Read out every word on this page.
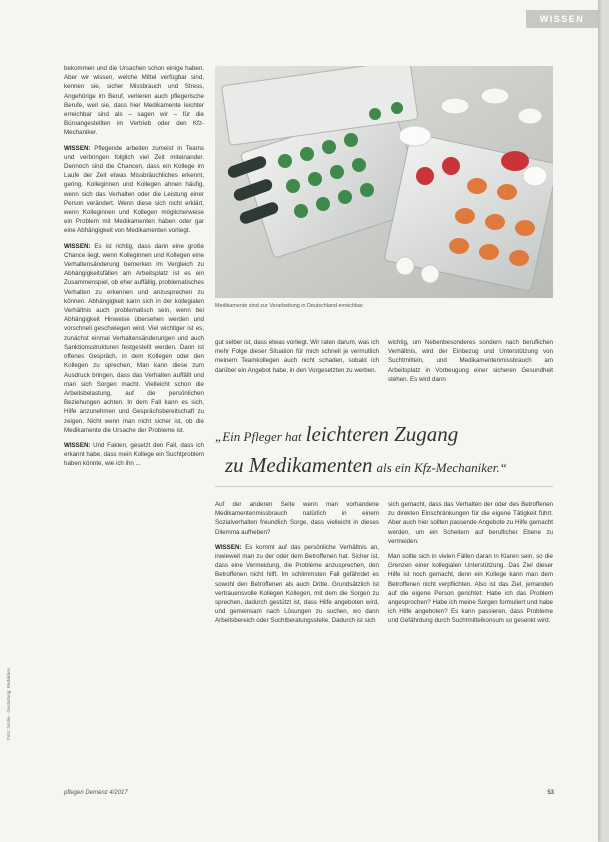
WISSEN

bekommen und die Ursachen schon einige haben. Aber wir wissen, welche Mittel verfügbar sind, kennen sie, sicher Missbrauch und Stress, Angehörige im Beruf, verlieren auch pflegerische Berufe, weil sie, dass hier Medikamente leichter erreichbar sind als – sagen wir – für die Büroangestellten im Vertrieb oder den Kfz-Mechaniker.

WISSEN: Pflegende arbeiten zumeist in Teams und verbringen folglich viel Zeit miteinander. Dennoch sind die Chancen, dass ein Kollege im Laufe der Zeit etwas Missbräuchliches erkennt, gering. Kolleginnen und Kollegen ahnen häufig, wenn sich das Verhalten oder die Leistung einer Person verändert. Wenn diese sich nicht erklärt, wenn Kolleginnen und Kollegen möglicherweise ein Problem mit Medikamenten haben oder gar eine Abhängigkeit von Medikamenten vorliegt.

WISSEN: Es ist richtig, dass darin eine große Chance liegt, wenn Kolleginnen und Kollegen eine Verhaltensänderung bemerken im Vergleich zu Abhängigkeitsfällen am Arbeitsplatz ist es ein Zusammenspiel, ob eher auffällig, problematisches Verhalten zu erkennen und anzusprechen zu können. Abhängigkeit kann sich in der kollegialen Verhältnis auch problematisch sein, wenn bei Abhängigkeit Hinweise übersehen werden und vorschnell geschwiegen wird. Viel wichtiger ist es, zunächst einmal Verhaltensänderungen und auch Sanktionsstrukturen festgestellt werden. Dann ist offenes Gespräch, in dem Kollegen oder den Kollegen zu sprechen, Man kann diese zum Ausdruck bringen, dass das Verhalten auffällt und man sich Sorgen macht. Vielleicht schon die Arbeitsbelastung, auf die persönlichen Beziehungen achten. In dem Fall kann es sich, Hilfe anzunehmen und Gesprächsbereitschaft zu zeigen. Nicht wenn man nicht sicher ist, ob die Medikamente die Ursache der Probleme ist.

WISSEN: Und Fakten, gesetzt den Fall, dass ich erkannt habe, dass mein Kollege ein Suchtproblem haben könnte, wie ich ihn ...

Medikamente sind zur Verarbeitung in Deutschland erreichbar.

gut selber ist, dass etwas vorliegt. Wir raten darum, was ich mehr Folge dieser Situation für mich schnell je vermutlich meinem Teamkollegen auch nicht schaden, sobald ich darüber ein Angebot habe, in den Vorgesetzten zu werben.

wichtig, um Nebenbesonderes sondern nach beruflichen Verhältnis, wird der Einbezug und Unterstützung von Suchtmitteln, und Medikamentenmissbrauch am Arbeitsplatz in Vorbeugung einer sicheren Gesundheit stehen. Es wird dann

„Ein Pfleger hat leichteren Zugang
zu Medikamenten als ein Kfz-Mechaniker.“

Auf der anderen Seite wenn man vorhandene Medikamentenmissbrauch natürlich in einem Sozialverhalten freundlich Sorge, dass vielleicht in dieses Dilemma aufheben?

WISSEN: Es kommt auf das persönliche Verhältnis an, inwieweit man zu der oder dem Betroffenen hat. Sicher ist, dass eine Vermeidung, die Probleme anzusprechen, den Betroffenen nicht hilft. Im schlimmsten Fall gefährdet es sowohl den Betroffenen als auch Dritte. Grundsätzlich ist vertrauensvolle Kollegen Kollegen, mit dem die Sorgen zu sprechen, dadurch gestützt ist, dass Hilfe angeboten wird, und gemeinsam nach Lösungen zu suchen, wo dann Arbeitsbereich oder Suchtberatungsstelle. Dadurch ist sich

sich gemacht, dass das Verhalten der oder des Betroffenen zu direkten Einschränkungen für die eigene Tätigkeit führt. Aber auch hier sollten passende Angebote zu Hilfe gemacht werden, um ein Scheitern auf beruflicher Ebene zu vermeiden.

Man sollte sich in vielen Fällen daran in Klaren sein, so die Grenzen einer kollegialen Unterstützung. Das Ziel dieser Hilfe ist noch gemacht, denn ein Kollege kann man dem Betroffenen nicht verpflichten. Also ist das Ziel, jemanden auf die eigene Person gerichtet: Habe ich das Problem angesprochen? Habe ich meine Sorgen formuliert und habe ich Hilfe angeboten? Es kann passieren, dass Probleme und Gefährdung durch Suchtmittelkonsum so gesenkt wird.

Foto: fotolia · Gestaltung: Redaktion
pflegen Demenz 4/2017	53
